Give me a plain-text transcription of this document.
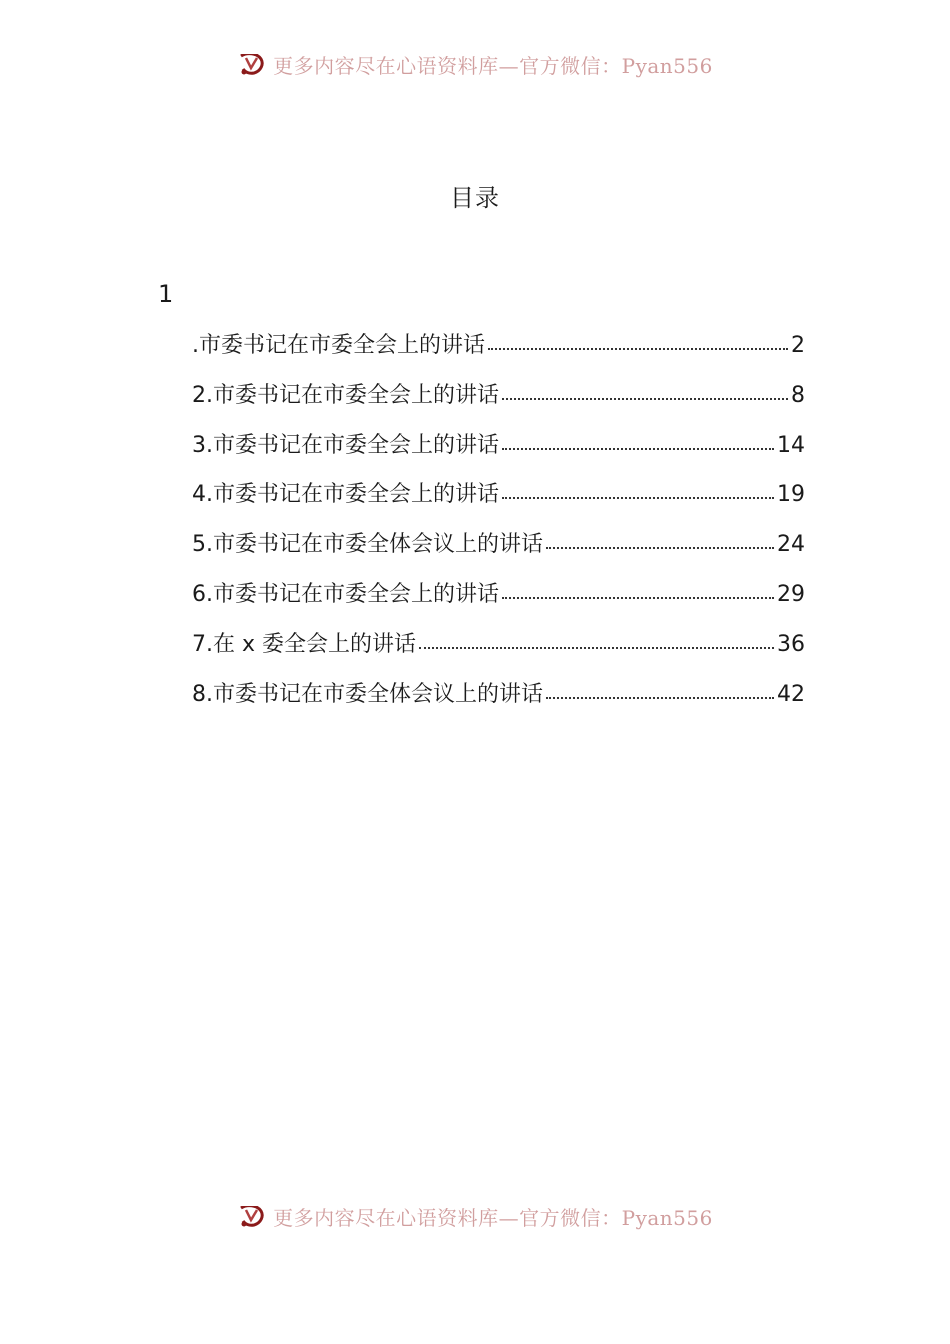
更多内容尽在心语资料库—官方微信：Pyan556
目录
1
.市委书记在市委全会上的讲话	2
2.市委书记在市委全会上的讲话	8
3.市委书记在市委全会上的讲话	14
4.市委书记在市委全会上的讲话	19
5.市委书记在市委全体会议上的讲话	24
6.市委书记在市委全会上的讲话	29
7.在 x 委全会上的讲话	36
8.市委书记在市委全体会议上的讲话	42
更多内容尽在心语资料库—官方微信：Pyan556
